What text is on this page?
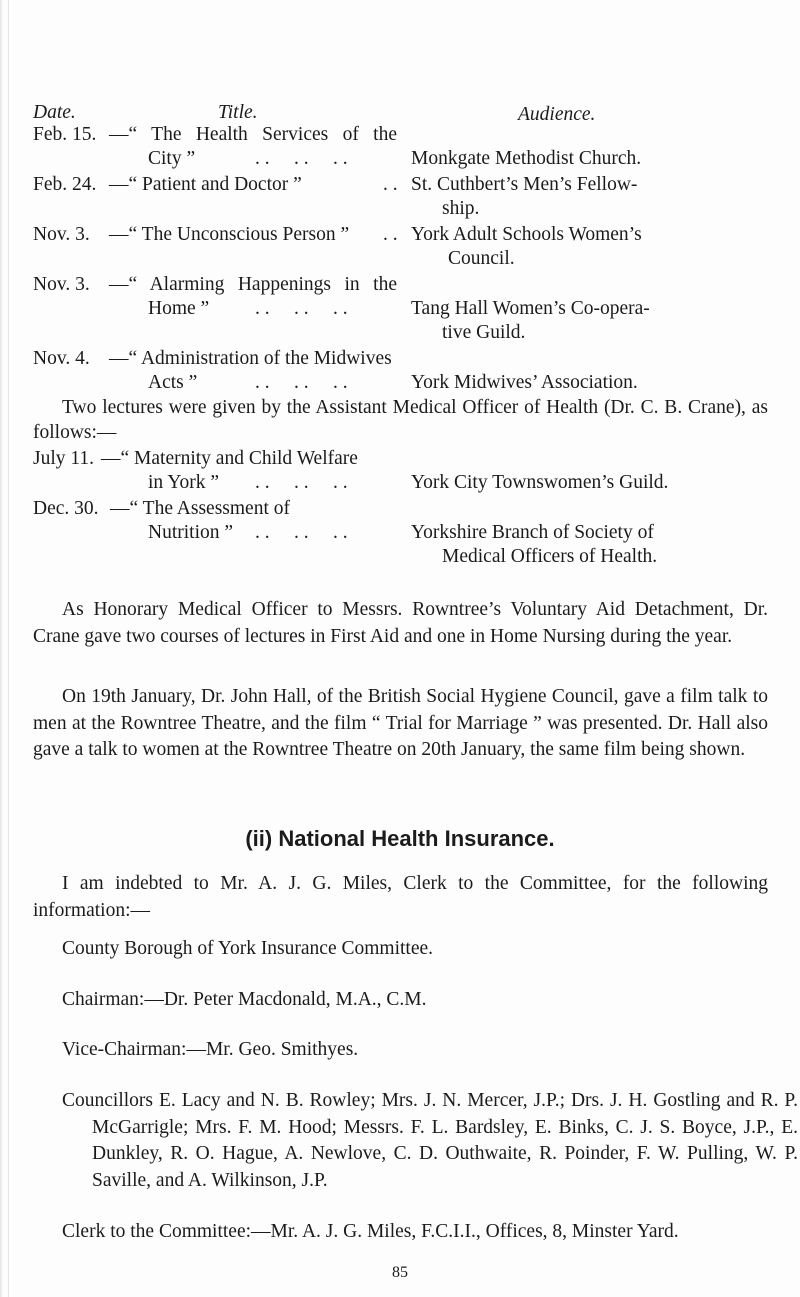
Date.	Title.	Audience.
Feb. 15. —“ The Health Services of the
City ”	. .     . .     . .	Monkgate Methodist Church.
Feb. 24. —“ Patient and Doctor ”	. . St. Cuthbert’s Men’s Fellow-
ship.
Nov. 3. —“ The Unconscious Person ” . . York Adult Schools Women’s
Council.
Nov. 3. —“ Alarming Happenings in the
Home ” . .     . .     . .	Tang Hall Women’s Co-opera-
tive Guild.
Nov. 4. —“ Administration of the Midwives
Acts ”	. .     . .     . .	York Midwives’ Association.
Two lectures were given by the Assistant Medical Officer of Health (Dr. C. B. Crane), as follows:—
July 11. —“ Maternity and Child Welfare
in York ” . .     . .     . .	York City Townswomen’s Guild.
Dec. 30. —“ The Assessment of
Nutrition ” . .     . .     . .	Yorkshire Branch of Society of
Medical Officers of Health.
As Honorary Medical Officer to Messrs. Rowntree’s Voluntary Aid Detachment, Dr. Crane gave two courses of lectures in First Aid and one in Home Nursing during the year.
On 19th January, Dr. John Hall, of the British Social Hygiene Council, gave a film talk to men at the Rowntree Theatre, and the film “ Trial for Marriage ” was presented. Dr. Hall also gave a talk to women at the Rowntree Theatre on 20th January, the same film being shown.
(ii) National Health Insurance.
I am indebted to Mr. A. J. G. Miles, Clerk to the Committee, for the following information:—
County Borough of York Insurance Committee.
Chairman:—Dr. Peter Macdonald, M.A., C.M.
Vice-Chairman:—Mr. Geo. Smithyes.
Councillors E. Lacy and N. B. Rowley; Mrs. J. N. Mercer, J.P.; Drs. J. H. Gostling and R. P. McGarrigle; Mrs. F. M. Hood; Messrs. F. L. Bardsley, E. Binks, C. J. S. Boyce, J.P., E. Dunkley, R. O. Hague, A. Newlove, C. D. Outhwaite, R. Poinder, F. W. Pulling, W. P. Saville, and A. Wilkinson, J.P.
Clerk to the Committee:—Mr. A. J. G. Miles, F.C.I.I., Offices, 8, Minster Yard.
85
